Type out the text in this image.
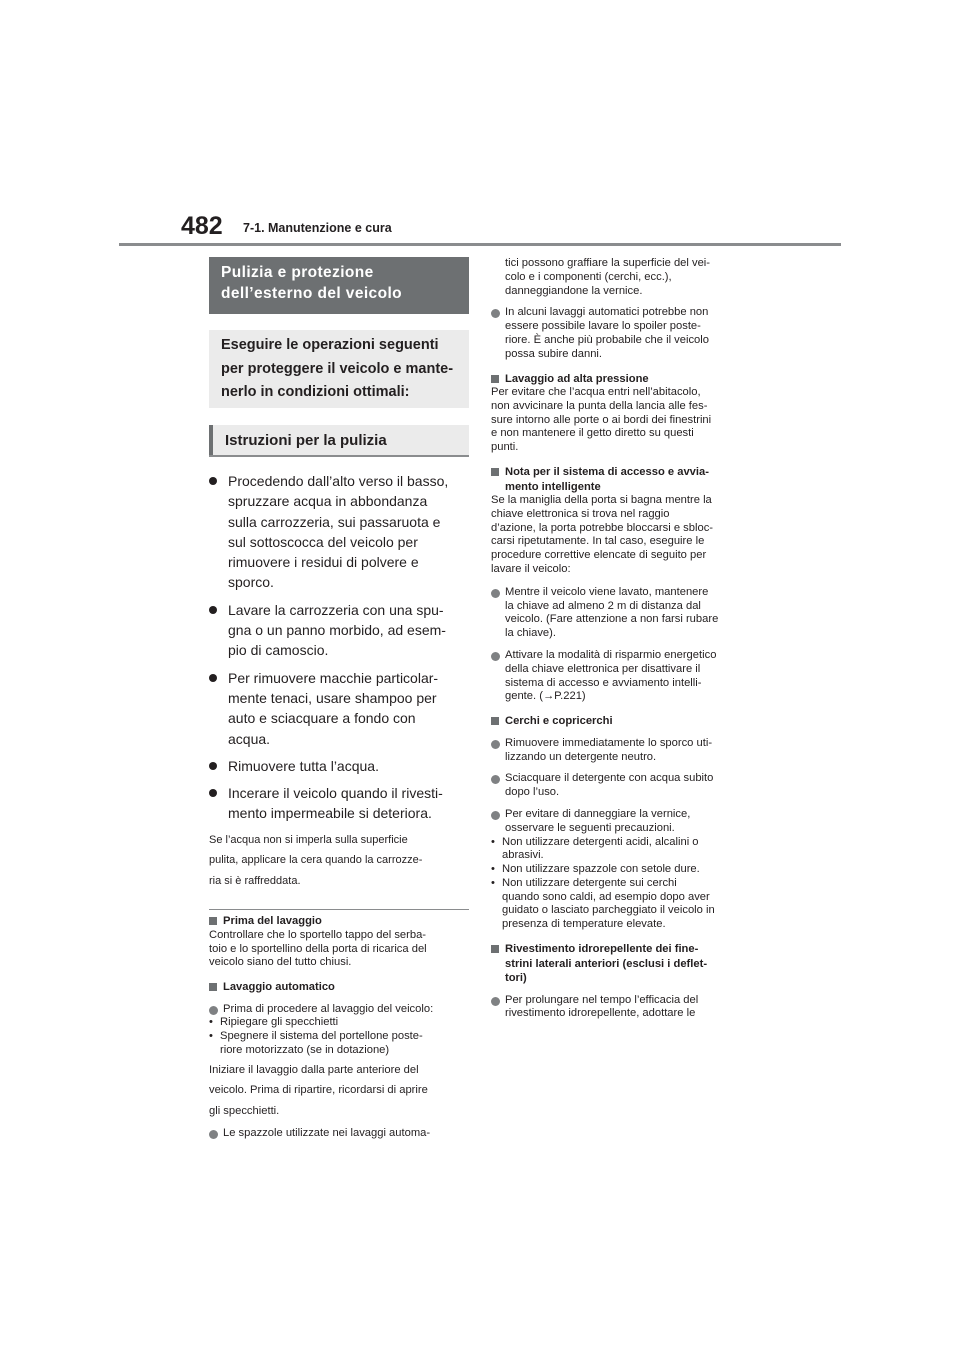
482 7-1. Manutenzione e cura
Pulizia e protezione
dell’esterno del veicolo
Eseguire le operazioni seguenti
per proteggere il veicolo e mante-
nerlo in condizioni ottimali:
Istruzioni per la pulizia
Procedendo dall’alto verso il basso,
spruzzare acqua in abbondanza
sulla carrozzeria, sui passaruota e
sul sottoscocca del veicolo per
rimuovere i residui di polvere e
sporco.
Lavare la carrozzeria con una spu-
gna o un panno morbido, ad esem-
pio di camoscio.
Per rimuovere macchie particolar-
mente tenaci, usare shampoo per
auto e sciacquare a fondo con
acqua.
Rimuovere tutta l’acqua.
Incerare il veicolo quando il rivesti-
mento impermeabile si deteriora.
Se l’acqua non si imperla sulla superficie
pulita, applicare la cera quando la carrozze-
ria si è raffreddata.
Prima del lavaggio
Controllare che lo sportello tappo del serba-
toio e lo sportellino della porta di ricarica del
veicolo siano del tutto chiusi.
Lavaggio automatico
Prima di procedere al lavaggio del veicolo:
• Ripiegare gli specchietti
• Spegnere il sistema del portellone poste-
riore motorizzato (se in dotazione)
Iniziare il lavaggio dalla parte anteriore del
veicolo. Prima di ripartire, ricordarsi di aprire
gli specchietti.
Le spazzole utilizzate nei lavaggi automa-
tici possono graffiare la superficie del vei-
colo e i componenti (cerchi, ecc.),
danneggiandone la vernice.
In alcuni lavaggi automatici potrebbe non
essere possibile lavare lo spoiler poste-
riore. È anche più probabile che il veicolo
possa subire danni.
Lavaggio ad alta pressione
Per evitare che l’acqua entri nell’abitacolo,
non avvicinare la punta della lancia alle fes-
sure intorno alle porte o ai bordi dei finestrini
e non mantenere il getto diretto su questi
punti.
Nota per il sistema di accesso e avvia-
mento intelligente
Se la maniglia della porta si bagna mentre la
chiave elettronica si trova nel raggio
d’azione, la porta potrebbe bloccarsi e sbloc-
carsi ripetutamente. In tal caso, eseguire le
procedure correttive elencate di seguito per
lavare il veicolo:
Mentre il veicolo viene lavato, mantenere
la chiave ad almeno 2 m di distanza dal
veicolo. (Fare attenzione a non farsi rubare
la chiave).
Attivare la modalità di risparmio energetico
della chiave elettronica per disattivare il
sistema di accesso e avviamento intelli-
gente. (→P.221)
Cerchi e copricerchi
Rimuovere immediatamente lo sporco uti-
lizzando un detergente neutro.
Sciacquare il detergente con acqua subito
dopo l’uso.
Per evitare di danneggiare la vernice,
osservare le seguenti precauzioni.
• Non utilizzare detergenti acidi, alcalini o
abrasivi.
• Non utilizzare spazzole con setole dure.
• Non utilizzare detergente sui cerchi
quando sono caldi, ad esempio dopo aver
guidato o lasciato parcheggiato il veicolo in
presenza di temperature elevate.
Rivestimento idrorepellente dei fine-
strini laterali anteriori (esclusi i deflet-
tori)
Per prolungare nel tempo l’efficacia del
rivestimento idrorepellente, adottare le
